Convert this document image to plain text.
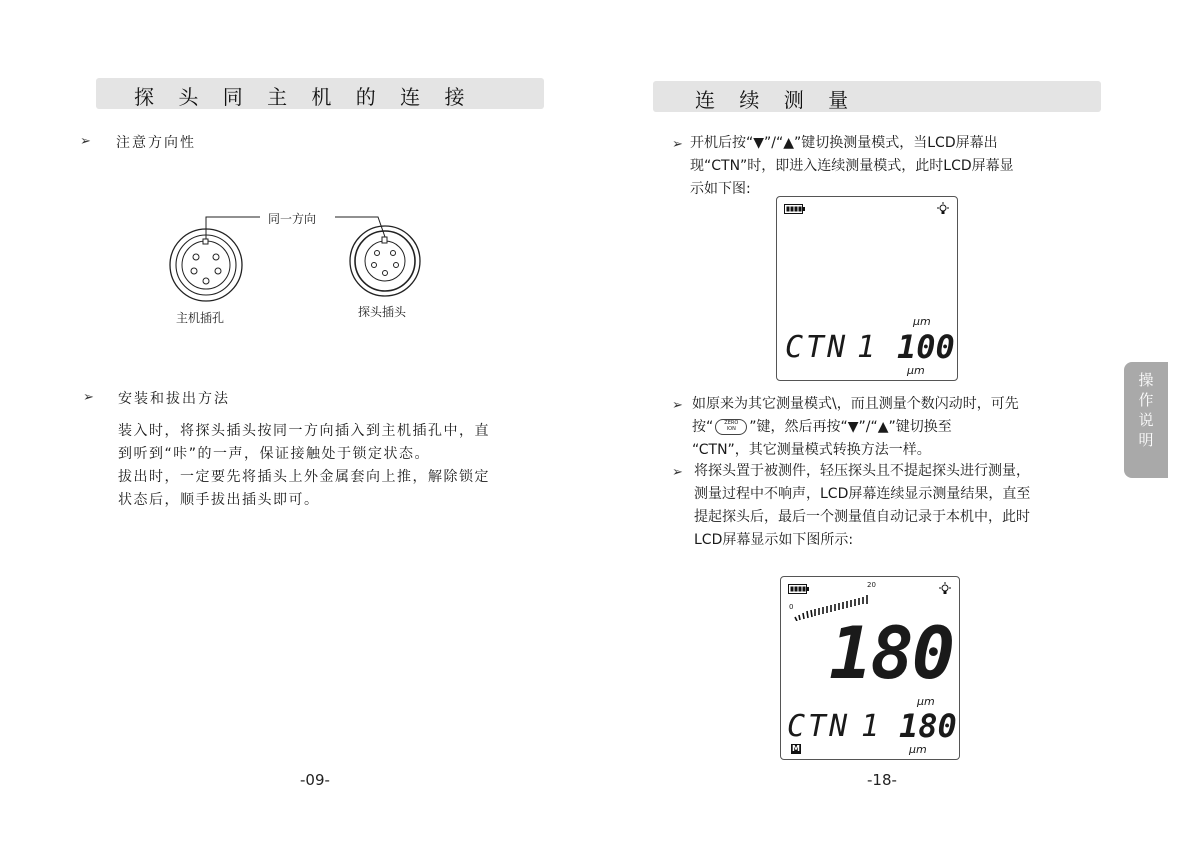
探 头 同 主 机 的 连 接
➢ 注意方向性
同一方向
主机插孔	探头插头
➢ 安装和拔出方法
装入时，将探头插头按同一方向插入到主机插孔中，直
到听到“咔”的一声，保证接触处于锁定状态。
拔出时，一定要先将插头上外金属套向上推，解除锁定
状态后，顺手拔出插头即可。
-09-
连 续 测 量
➢ 开机后按“▼”/“▲”键切换测量模式，当LCD屏幕出
现“CTN”时，即进入连续测量模式，此时LCD屏幕显
示如下图:
μm
CTN 1 100
μm
➢ 如原来为其它测量模式\，而且测量个数闪动时，可先
按“ ZERO
ION ”键，然后再按“▼”/“▲”键切换至
“CTN”，其它测量模式转换方法一样。
➢ 将探头置于被测件，轻压探头且不提起探头进行测量，
测量过程中不响声，LCD屏幕连续显示测量结果，直至
提起探头后，最后一个测量值自动记录于本机中，此时
LCD屏幕显示如下图所示:
20
0
180
μm
CTN 1 180
M	μm
-18-
操
作
说
明
